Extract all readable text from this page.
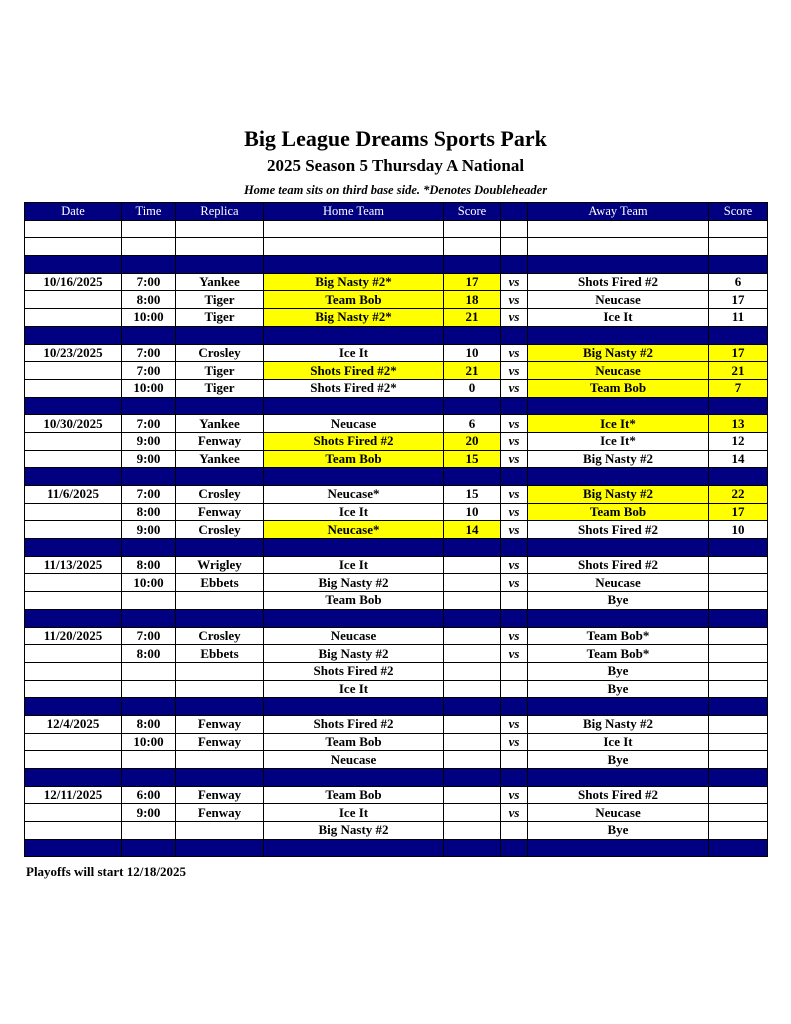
Big League Dreams Sports Park
2025 Season 5 Thursday A National
Home team sits on third base side. *Denotes Doubleheader
Date	Time	Replica	Home Team	Score		Away Team	Score

10/16/2025	7:00	Yankee	Big Nasty #2*	17	vs	Shots Fired #2	6
	8:00	Tiger	Team Bob	18	vs	Neucase	17
	10:00	Tiger	Big Nasty #2*	21	vs	Ice It	11

10/23/2025	7:00	Crosley	Ice It	10	vs	Big Nasty #2	17
	7:00	Tiger	Shots Fired #2*	21	vs	Neucase	21
	10:00	Tiger	Shots Fired #2*	0	vs	Team Bob	7

10/30/2025	7:00	Yankee	Neucase	6	vs	Ice It*	13
	9:00	Fenway	Shots Fired #2	20	vs	Ice It*	12
	9:00	Yankee	Team Bob	15	vs	Big Nasty #2	14

11/6/2025	7:00	Crosley	Neucase*	15	vs	Big Nasty #2	22
	8:00	Fenway	Ice It	10	vs	Team Bob	17
	9:00	Crosley	Neucase*	14	vs	Shots Fired #2	10

11/13/2025	8:00	Wrigley	Ice It		vs	Shots Fired #2	
	10:00	Ebbets	Big Nasty #2		vs	Neucase	
			Team Bob			Bye	

11/20/2025	7:00	Crosley	Neucase		vs	Team Bob*	
	8:00	Ebbets	Big Nasty #2		vs	Team Bob*	
			Shots Fired #2			Bye	
			Ice It			Bye	

12/4/2025	8:00	Fenway	Shots Fired #2		vs	Big Nasty #2	
	10:00	Fenway	Team Bob		vs	Ice It	
			Neucase			Bye	

12/11/2025	6:00	Fenway	Team Bob		vs	Shots Fired #2	
	9:00	Fenway	Ice It		vs	Neucase	
			Big Nasty #2			Bye	

Playoffs will start 12/18/2025
